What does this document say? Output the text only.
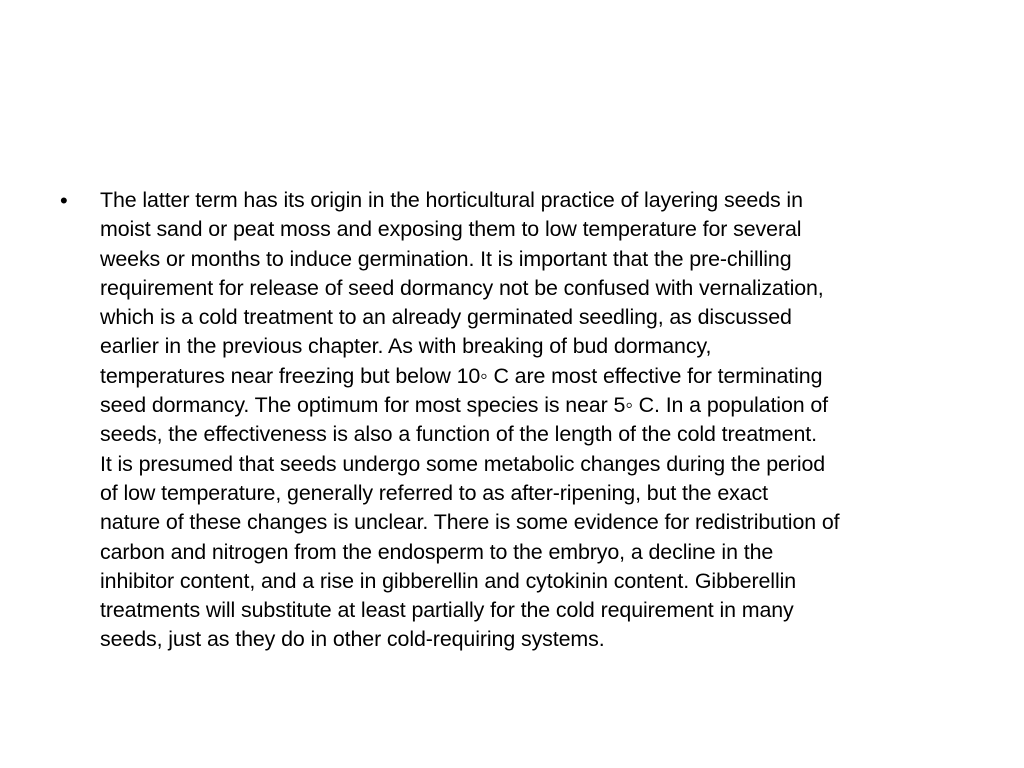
• The latter term has its origin in the horticultural practice of layering seeds in
moist sand or peat moss and exposing them to low temperature for several
weeks or months to induce germination. It is important that the pre-chilling
requirement for release of seed dormancy not be confused with vernalization,
which is a cold treatment to an already germinated seedling, as discussed
earlier in the previous chapter. As with breaking of bud dormancy,
temperatures near freezing but below 10◦ C are most effective for terminating
seed dormancy. The optimum for most species is near 5◦ C. In a population of
seeds, the effectiveness is also a function of the length of the cold treatment.
It is presumed that seeds undergo some metabolic changes during the period
of low temperature, generally referred to as after-ripening, but the exact
nature of these changes is unclear. There is some evidence for redistribution of
carbon and nitrogen from the endosperm to the embryo, a decline in the
inhibitor content, and a rise in gibberellin and cytokinin content. Gibberellin
treatments will substitute at least partially for the cold requirement in many
seeds, just as they do in other cold-requiring systems.
